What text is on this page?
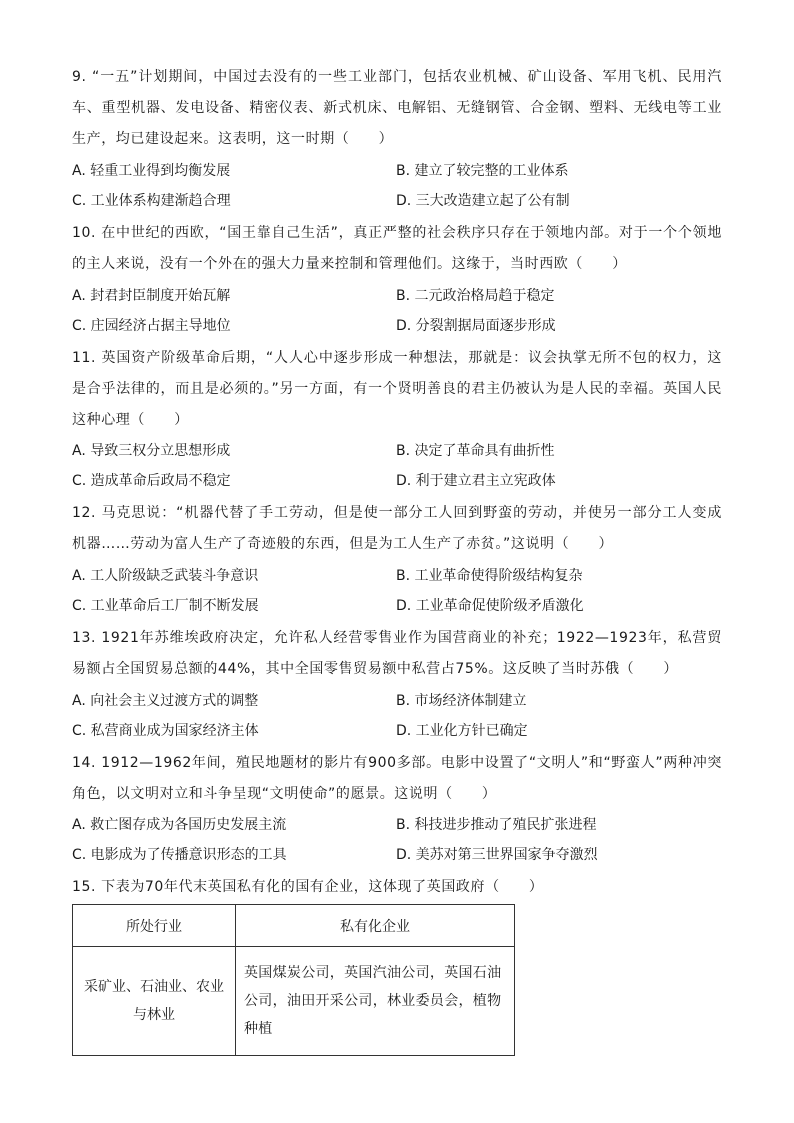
9. “一五”计划期间，中国过去没有的一些工业部门，包括农业机械、矿山设备、军用飞机、民用汽车、重型机器、发电设备、精密仪表、新式机床、电解铝、无缝钢管、合金钢、塑料、无线电等工业生产，均已建设起来。这表明，这一时期（　　）
A. 轻重工业得到均衡发展	B. 建立了较完整的工业体系
C. 工业体系构建渐趋合理	D. 三大改造建立起了公有制
10. 在中世纪的西欧，“国王靠自己生活”，真正严整的社会秩序只存在于领地内部。对于一个个领地的主人来说，没有一个外在的强大力量来控制和管理他们。这缘于，当时西欧（　　）
A. 封君封臣制度开始瓦解	B. 二元政治格局趋于稳定
C. 庄园经济占据主导地位	D. 分裂割据局面逐步形成
11. 英国资产阶级革命后期，“人人心中逐步形成一种想法，那就是：议会执掌无所不包的权力，这是合乎法律的，而且是必须的。”另一方面，有一个贤明善良的君主仍被认为是人民的幸福。英国人民这种心理（　　）
A. 导致三权分立思想形成	B. 决定了革命具有曲折性
C. 造成革命后政局不稳定	D. 利于建立君主立宪政体
12. 马克思说：“机器代替了手工劳动，但是使一部分工人回到野蛮的劳动，并使另一部分工人变成机器……劳动为富人生产了奇迹般的东西，但是为工人生产了赤贫。”这说明（　　）
A. 工人阶级缺乏武装斗争意识	B. 工业革命使得阶级结构复杂
C. 工业革命后工厂制不断发展	D. 工业革命促使阶级矛盾激化
13. 1921年苏维埃政府决定，允许私人经营零售业作为国营商业的补充；1922—1923年，私营贸易额占全国贸易总额的44%，其中全国零售贸易额中私营占75%。这反映了当时苏俄（　　）
A. 向社会主义过渡方式的调整	B. 市场经济体制建立
C. 私营商业成为国家经济主体	D. 工业化方针已确定
14. 1912—1962年间，殖民地题材的影片有900多部。电影中设置了“文明人”和“野蛮人”两种冲突角色，以文明对立和斗争呈现“文明使命”的愿景。这说明（　　）
A. 救亡图存成为各国历史发展主流	B. 科技进步推动了殖民扩张进程
C. 电影成为了传播意识形态的工具	D. 美苏对第三世界国家争夺激烈
15. 下表为70年代末英国私有化的国有企业，这体现了英国政府（　　）
所处行业	私有化企业
采矿业、石油业、农业与林业	英国煤炭公司，英国汽油公司，英国石油公司，油田开采公司，林业委员会，植物种植
